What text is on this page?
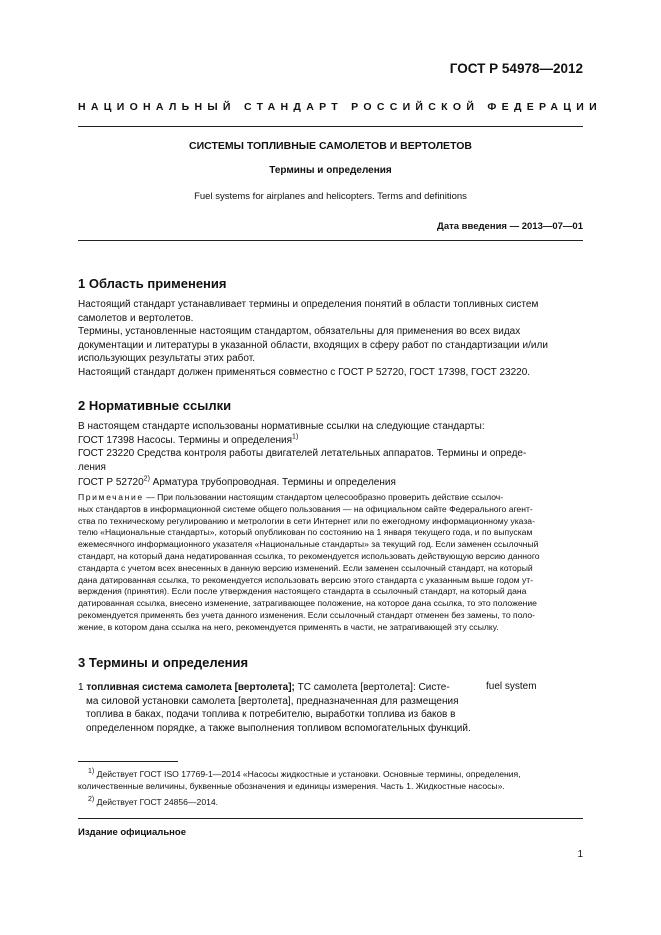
ГОСТ Р 54978—2012
НАЦИОНАЛЬНЫЙ СТАНДАРТ РОССИЙСКОЙ ФЕДЕРАЦИИ
СИСТЕМЫ ТОПЛИВНЫЕ САМОЛЕТОВ И ВЕРТОЛЕТОВ
Термины и определения
Fuel systems for airplanes and helicopters. Terms and definitions
Дата введения — 2013—07—01
1 Область применения
Настоящий стандарт устанавливает термины и определения понятий в области топливных систем
самолетов и вертолетов.
Термины, установленные настоящим стандартом, обязательны для применения во всех видах
документации и литературы в указанной области, входящих в сферу работ по стандартизации и/или
использующих результаты этих работ.
Настоящий стандарт должен применяться совместно с ГОСТ Р 52720, ГОСТ 17398, ГОСТ 23220.
2 Нормативные ссылки
В настоящем стандарте использованы нормативные ссылки на следующие стандарты:
ГОСТ 17398 Насосы. Термины и определения$^{1)}$
ГОСТ 23220 Средства контроля работы двигателей летательных аппаратов. Термины и опреде-
ления
ГОСТ Р 52720$^{2)}$ Арматура трубопроводная. Термины и определения
Примечание — При пользовании настоящим стандартом целесообразно проверить действие ссылоч-
ных стандартов в информационной системе общего пользования — на официальном сайте Федерального агент-
ства по техническому регулированию и метрологии в сети Интернет или по ежегодному информационному указа-
телю «Национальные стандарты», который опубликован по состоянию на 1 января текущего года, и по выпускам
ежемесячного информационного указателя «Национальные стандарты» за текущий год. Если заменен ссылочный
стандарт, на который дана недатированная ссылка, то рекомендуется использовать действующую версию данного
стандарта с учетом всех внесенных в данную версию изменений. Если заменен ссылочный стандарт, на который
дана датированная ссылка, то рекомендуется использовать версию этого стандарта с указанным выше годом ут-
верждения (принятия). Если после утверждения настоящего стандарта в ссылочный стандарт, на который дана
датированная ссылка, внесено изменение, затрагивающее положение, на которое дана ссылка, то это положение
рекомендуется применять без учета данного изменения. Если ссылочный стандарт отменен без замены, то поло-
жение, в котором дана ссылка на него, рекомендуется применять в части, не затрагивающей эту ссылку.
3 Термины и определения
1 топливная система самолета [вертолета]; ТС самолета [вертолета]: Систе-
ма силовой установки самолета [вертолета], предназначенная для размещения
топлива в баках, подачи топлива к потребителю, выработки топлива из баков в
определенном порядке, а также выполнения топливом вспомогательных функций.
fuel system
$^{1)}$ Действует ГОСТ ISO 17769-1—2014 «Насосы жидкостные и установки. Основные термины, определения,
количественные величины, буквенные обозначения и единицы измерения. Часть 1. Жидкостные насосы».
$^{2)}$ Действует ГОСТ 24856—2014.
Издание официальное
1
